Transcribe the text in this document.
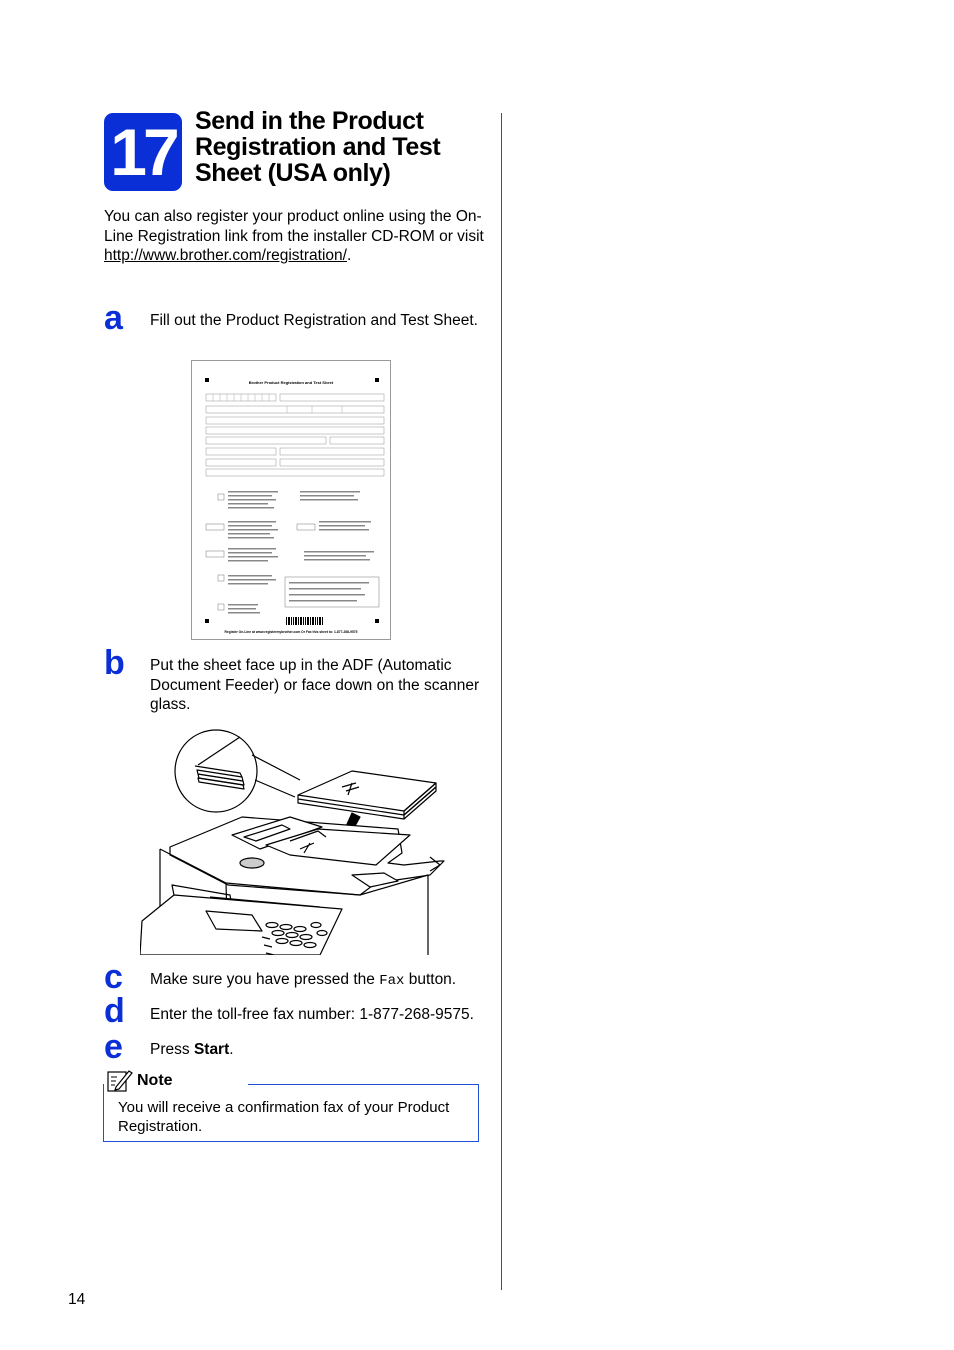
17 Send in the Product Registration and Test Sheet (USA only)
You can also register your product online using the On-Line Registration link from the installer CD-ROM or visit
http://www.brother.com/registration/.
a Fill out the Product Registration and Test Sheet.
Brother Product Registration and Test Sheet
Register On-Line at www.registermybrother.com Or Fax this sheet to: 1-877-268-9575
b Put the sheet face up in the ADF (Automatic Document Feeder) or face down on the scanner glass.
c Make sure you have pressed the Fax button.
d Enter the toll-free fax number: 1-877-268-9575.
e Press Start.
Note
You will receive a confirmation fax of your Product Registration.
14
